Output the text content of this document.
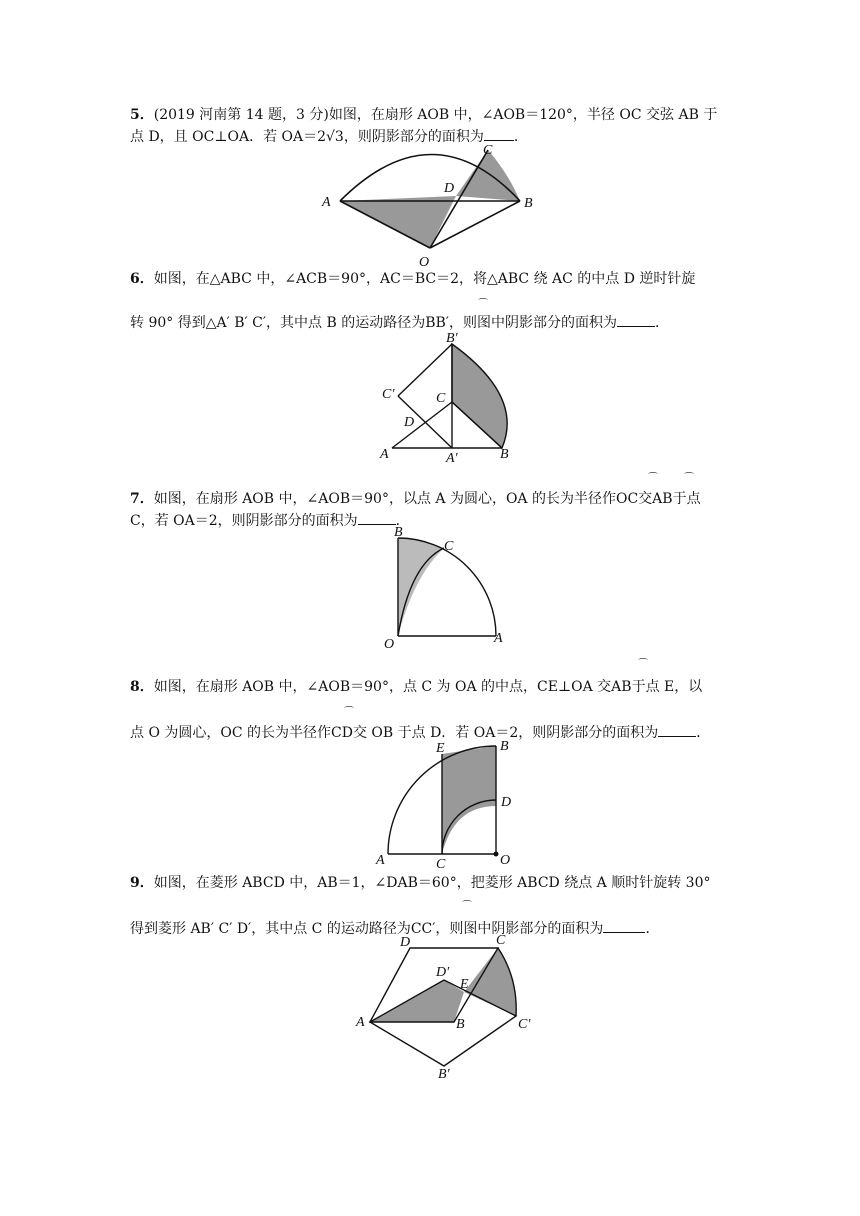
5．(2019 河南第 14 题，3 分)如图，在扇形 AOB 中，∠AOB＝120°，半径 OC 交弦 AB 于
点 D，且 OC⊥OA．若 OA＝2√3，则阴影部分的面积为 ．
A	B
C
D
O
6．如图，在△ABC 中，∠ACB＝90°，AC＝BC＝2，将△ABC 绕 AC 的中点 D 逆时针旋
⌒
转 90° 得到△A′ B′ C′，其中点 B 的运动路径为BB′，则图中阴影部分的面积为	．
B′
C′	C
D
A	A′	B
⌒	⌒
7．如图，在扇形 AOB 中，∠AOB＝90°，以点 A 为圆心，OA 的长为半径作OC交AB于点
C，若 OA＝2，则阴影部分的面积为	．
B
C
O	A
⌒
8．如图，在扇形 AOB 中，∠AOB＝90°，点 C 为 OA 的中点，CE⊥OA 交AB于点 E，以
⌒
点 O 为圆心，OC 的长为半径作CD交 OB 于点 D．若 OA＝2，则阴影部分的面积为	．
E	B
D
A	C	O
9．如图，在菱形 ABCD 中，AB＝1，∠DAB＝60°，把菱形 ABCD 绕点 A 顺时针旋转 30°
⌒
得到菱形 AB′ C′ D′，其中点 C 的运动路径为CC′，则图中阴影部分的面积为	．
D	C
D′
E
A	B	C′
B′
